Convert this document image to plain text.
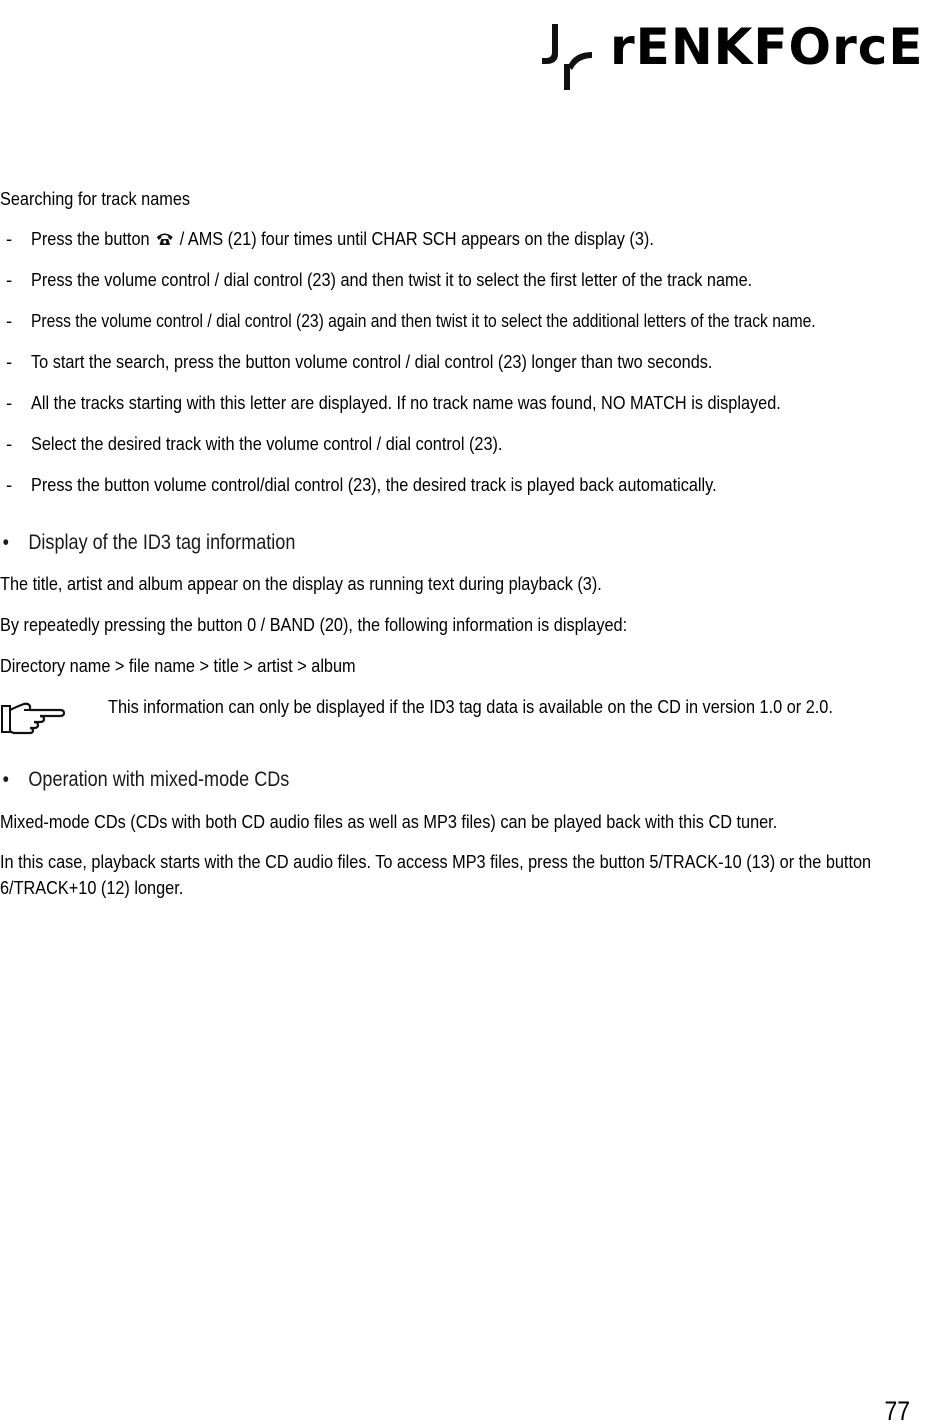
rENKFOrcE
Searching for track names
- Press the button / AMS (21) four times until CHAR SCH appears on the display (3).
- Press the volume control / dial control (23) and then twist it to select the first letter of the track name.
- Press the volume control / dial control (23) again and then twist it to select the additional letters of the track name.
- To start the search, press the button volume control / dial control (23) longer than two seconds.
- All the tracks starting with this letter are displayed. If no track name was found, NO MATCH is displayed.
- Select the desired track with the volume control / dial control (23).
- Press the button volume control/dial control (23), the desired track is played back automatically.
• Display of the ID3 tag information
The title, artist and album appear on the display as running text during playback (3).
By repeatedly pressing the button 0 / BAND (20), the following information is displayed:
Directory name > file name > title > artist > album
This information can only be displayed if the ID3 tag data is available on the CD in version 1.0 or 2.0.
• Operation with mixed-mode CDs
Mixed-mode CDs (CDs with both CD audio files as well as MP3 files) can be played back with this CD tuner.
In this case, playback starts with the CD audio files. To access MP3 files, press the button 5/TRACK-10 (13) or the button 6/TRACK+10 (12) longer.
77
